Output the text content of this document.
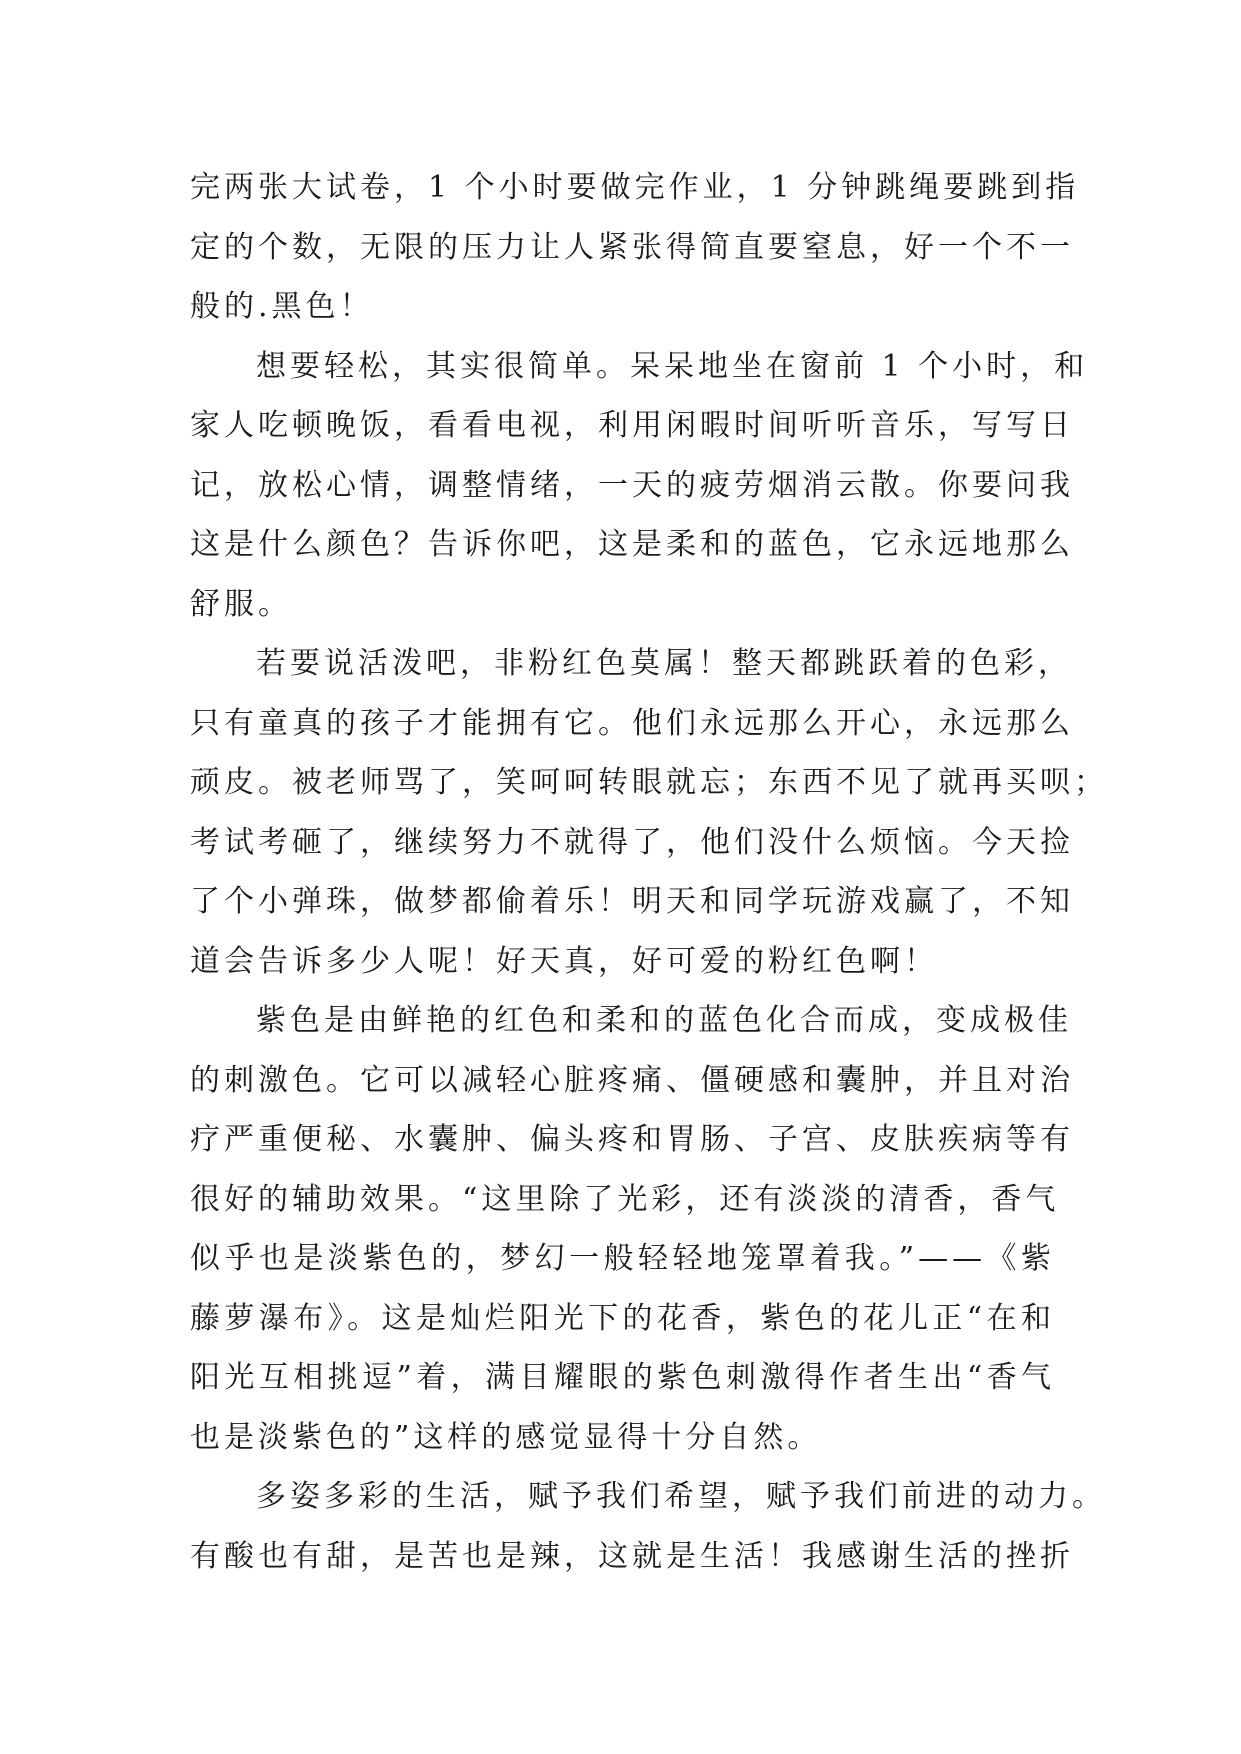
完两张大试卷，1 个小时要做完作业，1 分钟跳绳要跳到指
定的个数，无限的压力让人紧张得简直要窒息，好一个不一
般的.黑色！
想要轻松，其实很简单。呆呆地坐在窗前 1 个小时，和
家人吃顿晚饭，看看电视，利用闲暇时间听听音乐，写写日
记，放松心情，调整情绪，一天的疲劳烟消云散。你要问我
这是什么颜色？告诉你吧，这是柔和的蓝色，它永远地那么
舒服。
若要说活泼吧，非粉红色莫属！整天都跳跃着的色彩，
只有童真的孩子才能拥有它。他们永远那么开心，永远那么
顽皮。被老师骂了，笑呵呵转眼就忘；东西不见了就再买呗；
考试考砸了，继续努力不就得了，他们没什么烦恼。今天捡
了个小弹珠，做梦都偷着乐！明天和同学玩游戏赢了，不知
道会告诉多少人呢！好天真，好可爱的粉红色啊！
紫色是由鲜艳的红色和柔和的蓝色化合而成，变成极佳
的刺激色。它可以减轻心脏疼痛、僵硬感和囊肿，并且对治
疗严重便秘、水囊肿、偏头疼和胃肠、子宫、皮肤疾病等有
很好的辅助效果。“这里除了光彩，还有淡淡的清香，香气
似乎也是淡紫色的，梦幻一般轻轻地笼罩着我。”——《紫
藤萝瀑布》。这是灿烂阳光下的花香，紫色的花儿正“在和
阳光互相挑逗”着，满目耀眼的紫色刺激得作者生出“香气
也是淡紫色的”这样的感觉显得十分自然。
多姿多彩的生活，赋予我们希望，赋予我们前进的动力。
有酸也有甜，是苦也是辣，这就是生活！我感谢生活的挫折
